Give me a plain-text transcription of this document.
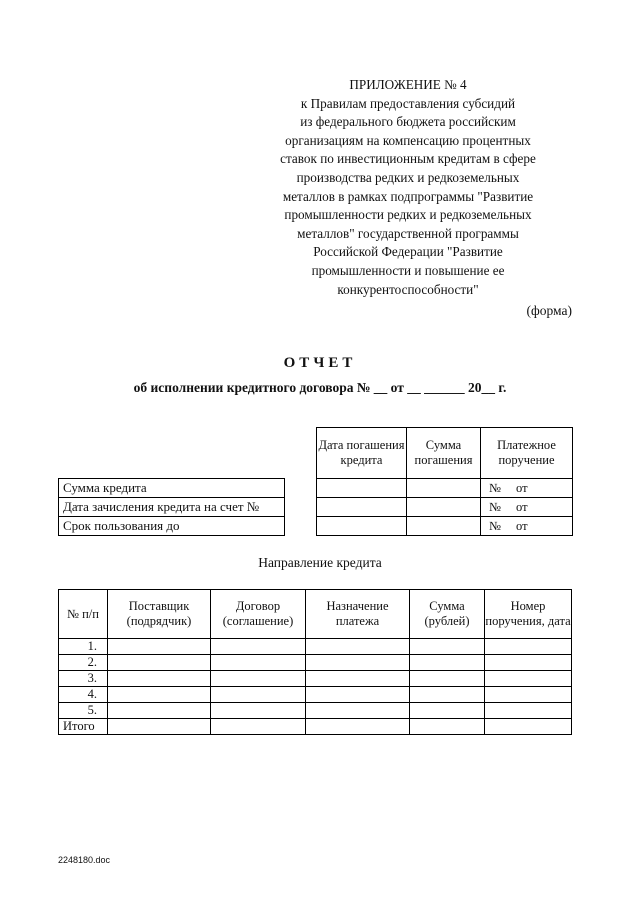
ПРИЛОЖЕНИЕ № 4
к Правилам предоставления субсидий
из федерального бюджета российским
организациям на компенсацию процентных
ставок по инвестиционным кредитам в сфере
производства редких и редкоземельных
металлов в рамках подпрограммы "Развитие
промышленности редких и редкоземельных
металлов" государственной программы
Российской Федерации "Развитие
промышленности и повышение ее
конкурентоспособности"
(форма)
ОТЧЕТ
об исполнении кредитного договора № __ от __ ______ 20__ г.
		Дата погашения кредита	Сумма погашения	Платежное поручение
Сумма кредита				№ от
Дата зачисления кредита на счет №				№ от
Срок пользования до				№ от
Направление кредита
№ п/п	Поставщик (подрядчик)	Договор (соглашение)	Назначение платежа	Сумма (рублей)	Номер поручения, дата
1.					
2.					
3.					
4.					
5.					
Итого					
2248180.doc
